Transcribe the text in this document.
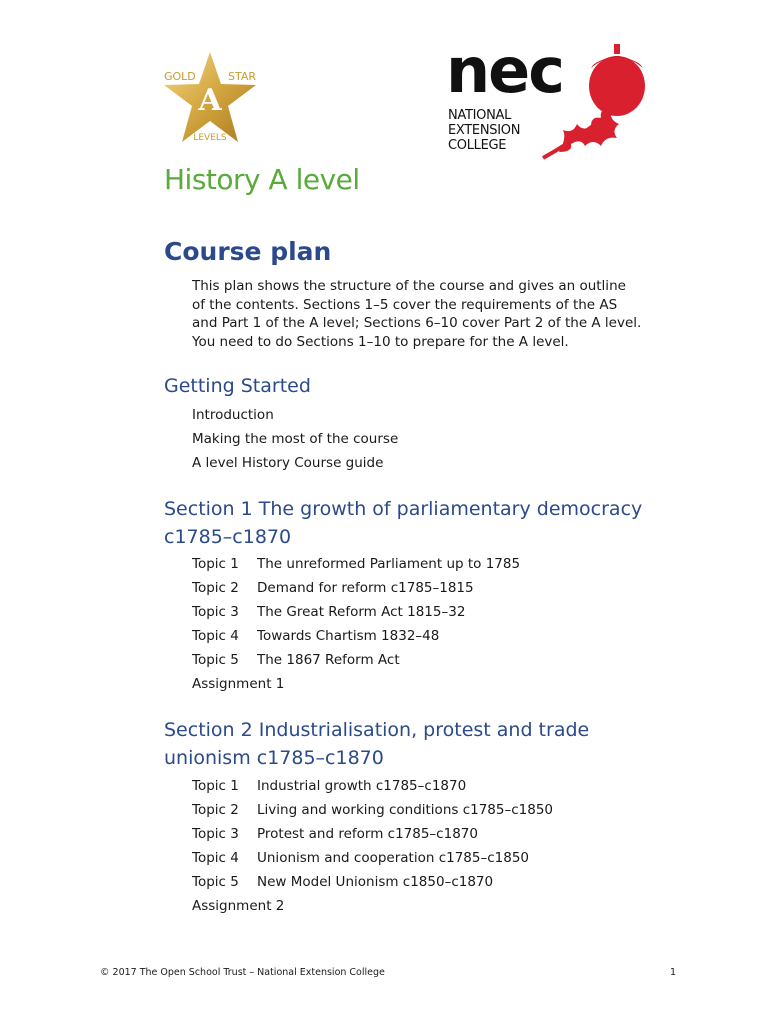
A
GOLD	STAR
LEVELS
nec
NATIONAL
EXTENSION
COLLEGE
History A level
Course plan

This plan shows the structure of the course and gives an outline of the contents. Sections 1–5 cover the requirements of the AS and Part 1 of the A level; Sections 6–10 cover Part 2 of the A level. You need to do Sections 1–10 to prepare for the A level.

Getting Started
Introduction
Making the most of the course
A level History Course guide
Section 1 The growth of parliamentary democracy c1785–c1870
Topic 1 The unreformed Parliament up to 1785
Topic 2 Demand for reform c1785–1815
Topic 3 The Great Reform Act 1815–32
Topic 4 Towards Chartism 1832–48
Topic 5 The 1867 Reform Act
Assignment 1
Section 2 Industrialisation, protest and trade unionism c1785–c1870
Topic 1 Industrial growth c1785–c1870
Topic 2 Living and working conditions c1785–c1850
Topic 3 Protest and reform c1785–c1870
Topic 4 Unionism and cooperation c1785–c1850
Topic 5 New Model Unionism c1850–c1870
Assignment 2
© 2017 The Open School Trust – National Extension College	1
